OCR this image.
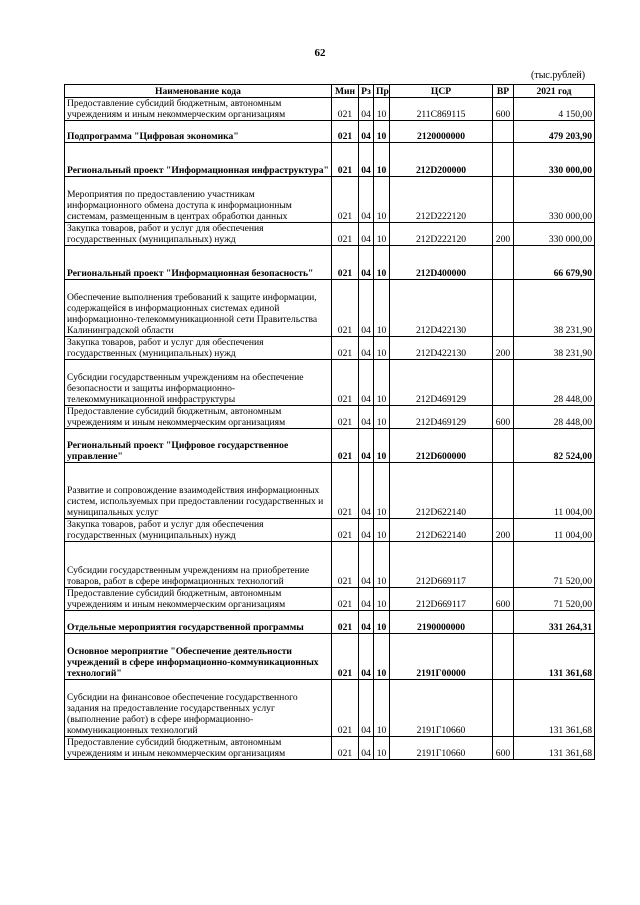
62
(тыс.рублей)
Наименование кода	Мин	Рз	Пр	ЦСР	ВР	2021 год
Предоставление субсидий бюджетным, автономным учреждениям и иным некоммерческим организациям	021	04	10	211C869115	600	4 150,00
Подпрограмма "Цифровая экономика"	021	04	10	2120000000		479 203,90
Региональный проект "Информационная инфраструктура"	021	04	10	212D200000		330 000,00
Мероприятия по предоставлению участникам информационного обмена доступа к информационным системам, размещенным в центрах обработки данных	021	04	10	212D222120		330 000,00
Закупка товаров, работ и услуг для обеспечения государственных (муниципальных) нужд	021	04	10	212D222120	200	330 000,00
Региональный проект "Информационная безопасность"	021	04	10	212D400000		66 679,90
Обеспечение выполнения требований к защите информации, содержащейся в информационных системах единой информационно-телекоммуникационной сети Правительства Калининградской области	021	04	10	212D422130		38 231,90
Закупка товаров, работ и услуг для обеспечения государственных (муниципальных) нужд	021	04	10	212D422130	200	38 231,90
Субсидии государственным учреждениям на обеспечение безопасности и защиты информационно-телекоммуникационной инфраструктуры	021	04	10	212D469129		28 448,00
Предоставление субсидий бюджетным, автономным учреждениям и иным некоммерческим организациям	021	04	10	212D469129	600	28 448,00
Региональный проект "Цифровое государственное управление"	021	04	10	212D600000		82 524,00
Развитие и сопровождение взаимодействия информационных систем, используемых при предоставлении государственных и муниципальных услуг	021	04	10	212D622140		11 004,00
Закупка товаров, работ и услуг для обеспечения государственных (муниципальных) нужд	021	04	10	212D622140	200	11 004,00
Субсидии государственным учреждениям на приобретение товаров, работ в сфере информационных технологий	021	04	10	212D669117		71 520,00
Предоставление субсидий бюджетным, автономным учреждениям и иным некоммерческим организациям	021	04	10	212D669117	600	71 520,00
Отдельные мероприятия государственной программы	021	04	10	2190000000		331 264,31
Основное мероприятие "Обеспечение деятельности учреждений в сфере информационно-коммуникационных технологий"	021	04	10	2191Г00000		131 361,68
Субсидии на финансовое обеспечение государственного задания на предоставление государственных услуг (выполнение работ) в сфере информационно-коммуникационных технологий	021	04	10	2191Г10660		131 361,68
Предоставление субсидий бюджетным, автономным учреждениям и иным некоммерческим организациям	021	04	10	2191Г10660	600	131 361,68
